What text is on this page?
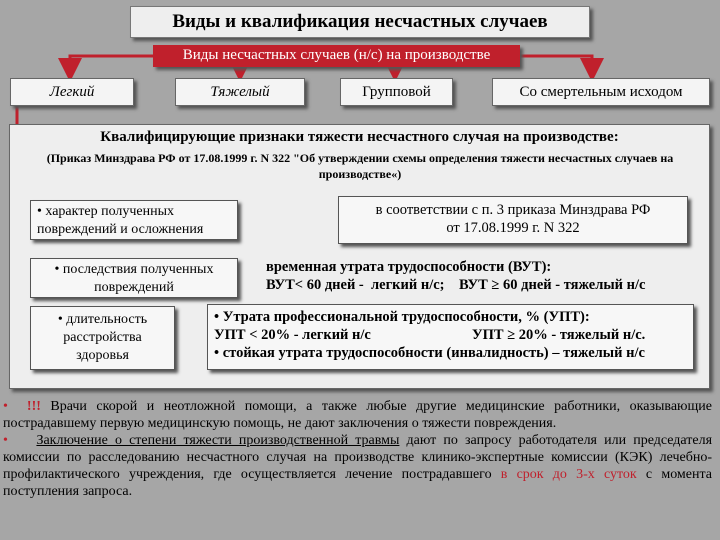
Виды и квалификация несчастных случаев
Виды несчастных случаев (н/с) на производстве
Легкий	Тяжелый	Групповой	Со смертельным исходом
Квалифицирующие признаки тяжести несчастного случая на производстве:
(Приказ Минздрава РФ от 17.08.1999 г. N 322 "Об утверждении схемы определения тяжести несчастных случаев на производстве«)
• характер полученных повреждений и осложнения
• последствия полученных повреждений
• длительность расстройства здоровья
в соответствии с п. 3 приказа Минздрава РФ
от 17.08.1999 г. N 322
временная утрата трудоспособности (ВУТ):
ВУТ< 60 дней -  легкий н/с;    ВУТ ≥ 60 дней - тяжелый н/с
• Утрата профессиональной трудоспособности, % (УПТ):
УПТ < 20% - легкий н/с	УПТ ≥ 20% - тяжелый н/с.
• стойкая утрата трудоспособности (инвалидность) – тяжелый н/с
• !!! Врачи скорой и неотложной помощи, а также любые другие медицинские работники, оказывающие пострадавшему первую медицинскую помощь, не дают заключения о тяжести повреждения.
• Заключение о степени тяжести производственной травмы дают по запросу работодателя или председателя комиссии по расследованию несчастного случая на производстве клинико-экспертные комиссии (КЭК) лечебно-профилактического учреждения, где осуществляется лечение пострадавшего в срок до 3-х суток с момента поступления запроса.
